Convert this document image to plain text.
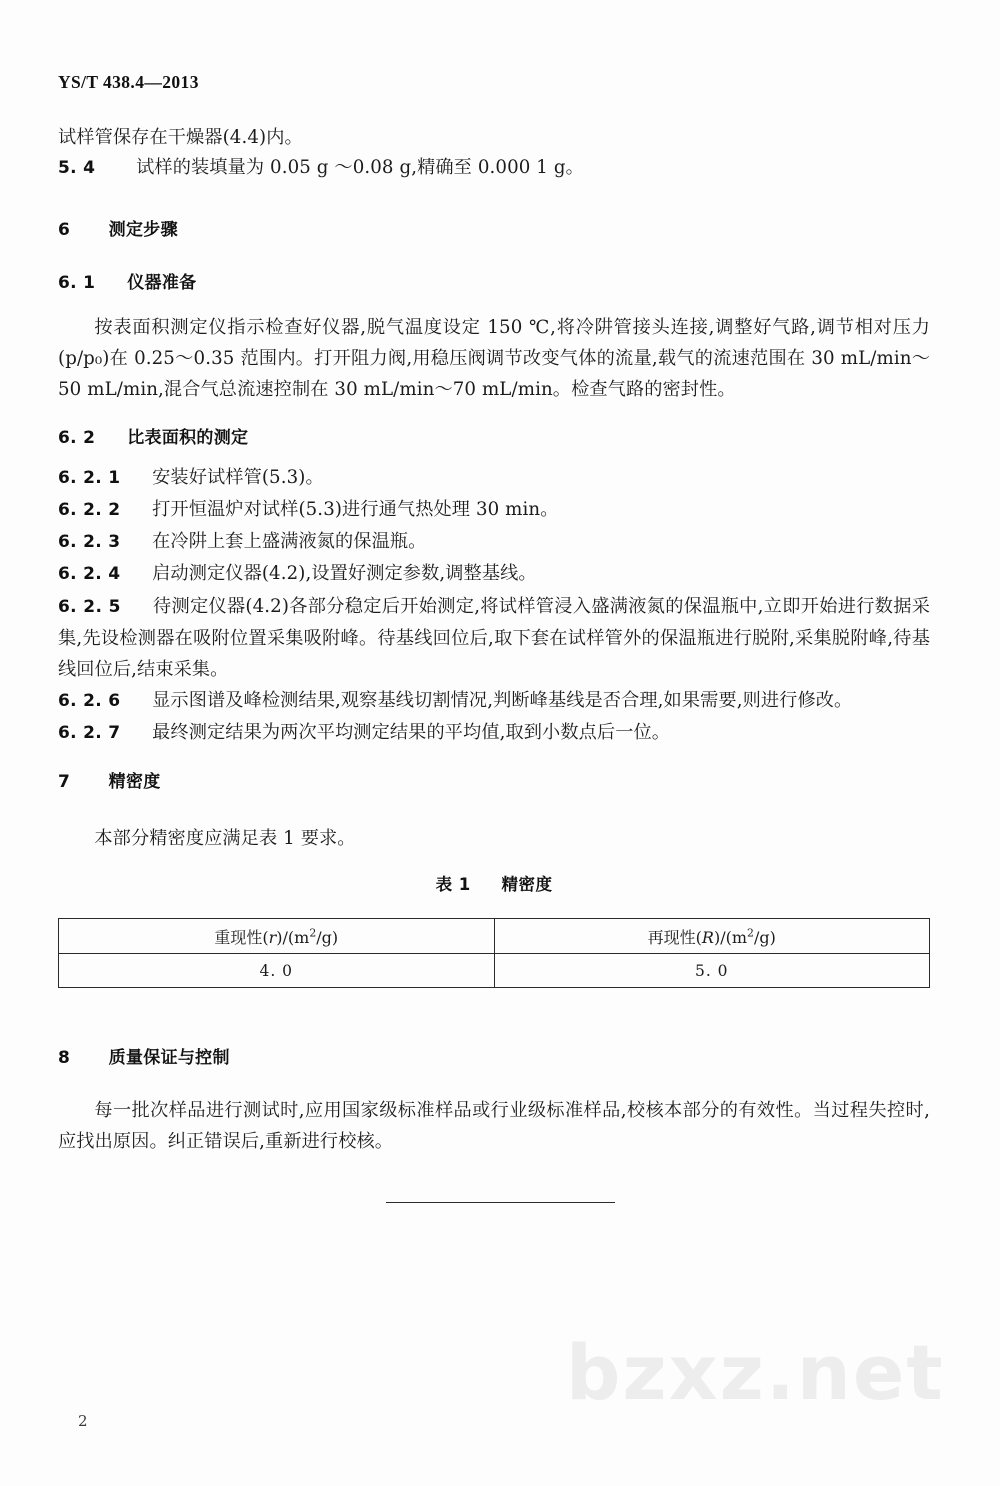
YS/T 438.4—2013
试样管保存在干燥器(4.4)内。
5. 4 试样的装填量为 0.05 g ～0.08 g,精确至 0.000 1 g。
6 测定步骤
6. 1 仪器准备
按表面积测定仪指示检查好仪器,脱气温度设定 150 ℃,将冷阱管接头连接,调整好气路,调节相对压力(p/p₀)在 0.25～0.35 范围内。打开阻力阀,用稳压阀调节改变气体的流量,载气的流速范围在 30 mL/min～50 mL/min,混合气总流速控制在 30 mL/min～70 mL/min。检查气路的密封性。
6. 2 比表面积的测定
6. 2. 1 安装好试样管(5.3)。
6. 2. 2 打开恒温炉对试样(5.3)进行通气热处理 30 min。
6. 2. 3 在冷阱上套上盛满液氮的保温瓶。
6. 2. 4 启动测定仪器(4.2),设置好测定参数,调整基线。
6. 2. 5 待测定仪器(4.2)各部分稳定后开始测定,将试样管浸入盛满液氮的保温瓶中,立即开始进行数据采集,先设检测器在吸附位置采集吸附峰。待基线回位后,取下套在试样管外的保温瓶进行脱附,采集脱附峰,待基线回位后,结束采集。
6. 2. 6 显示图谱及峰检测结果,观察基线切割情况,判断峰基线是否合理,如果需要,则进行修改。
6. 2. 7 最终测定结果为两次平均测定结果的平均值,取到小数点后一位。
7 精密度
本部分精密度应满足表 1 要求。
表 1 精密度
重现性$(r)/(m^2/g)$	再现性$(R)/(m^2/g)$
4. 0	5. 0
8 质量保证与控制
每一批次样品进行测试时,应用国家级标准样品或行业级标准样品,校核本部分的有效性。当过程失控时,应找出原因。纠正错误后,重新进行校核。
bzxz.net
2
